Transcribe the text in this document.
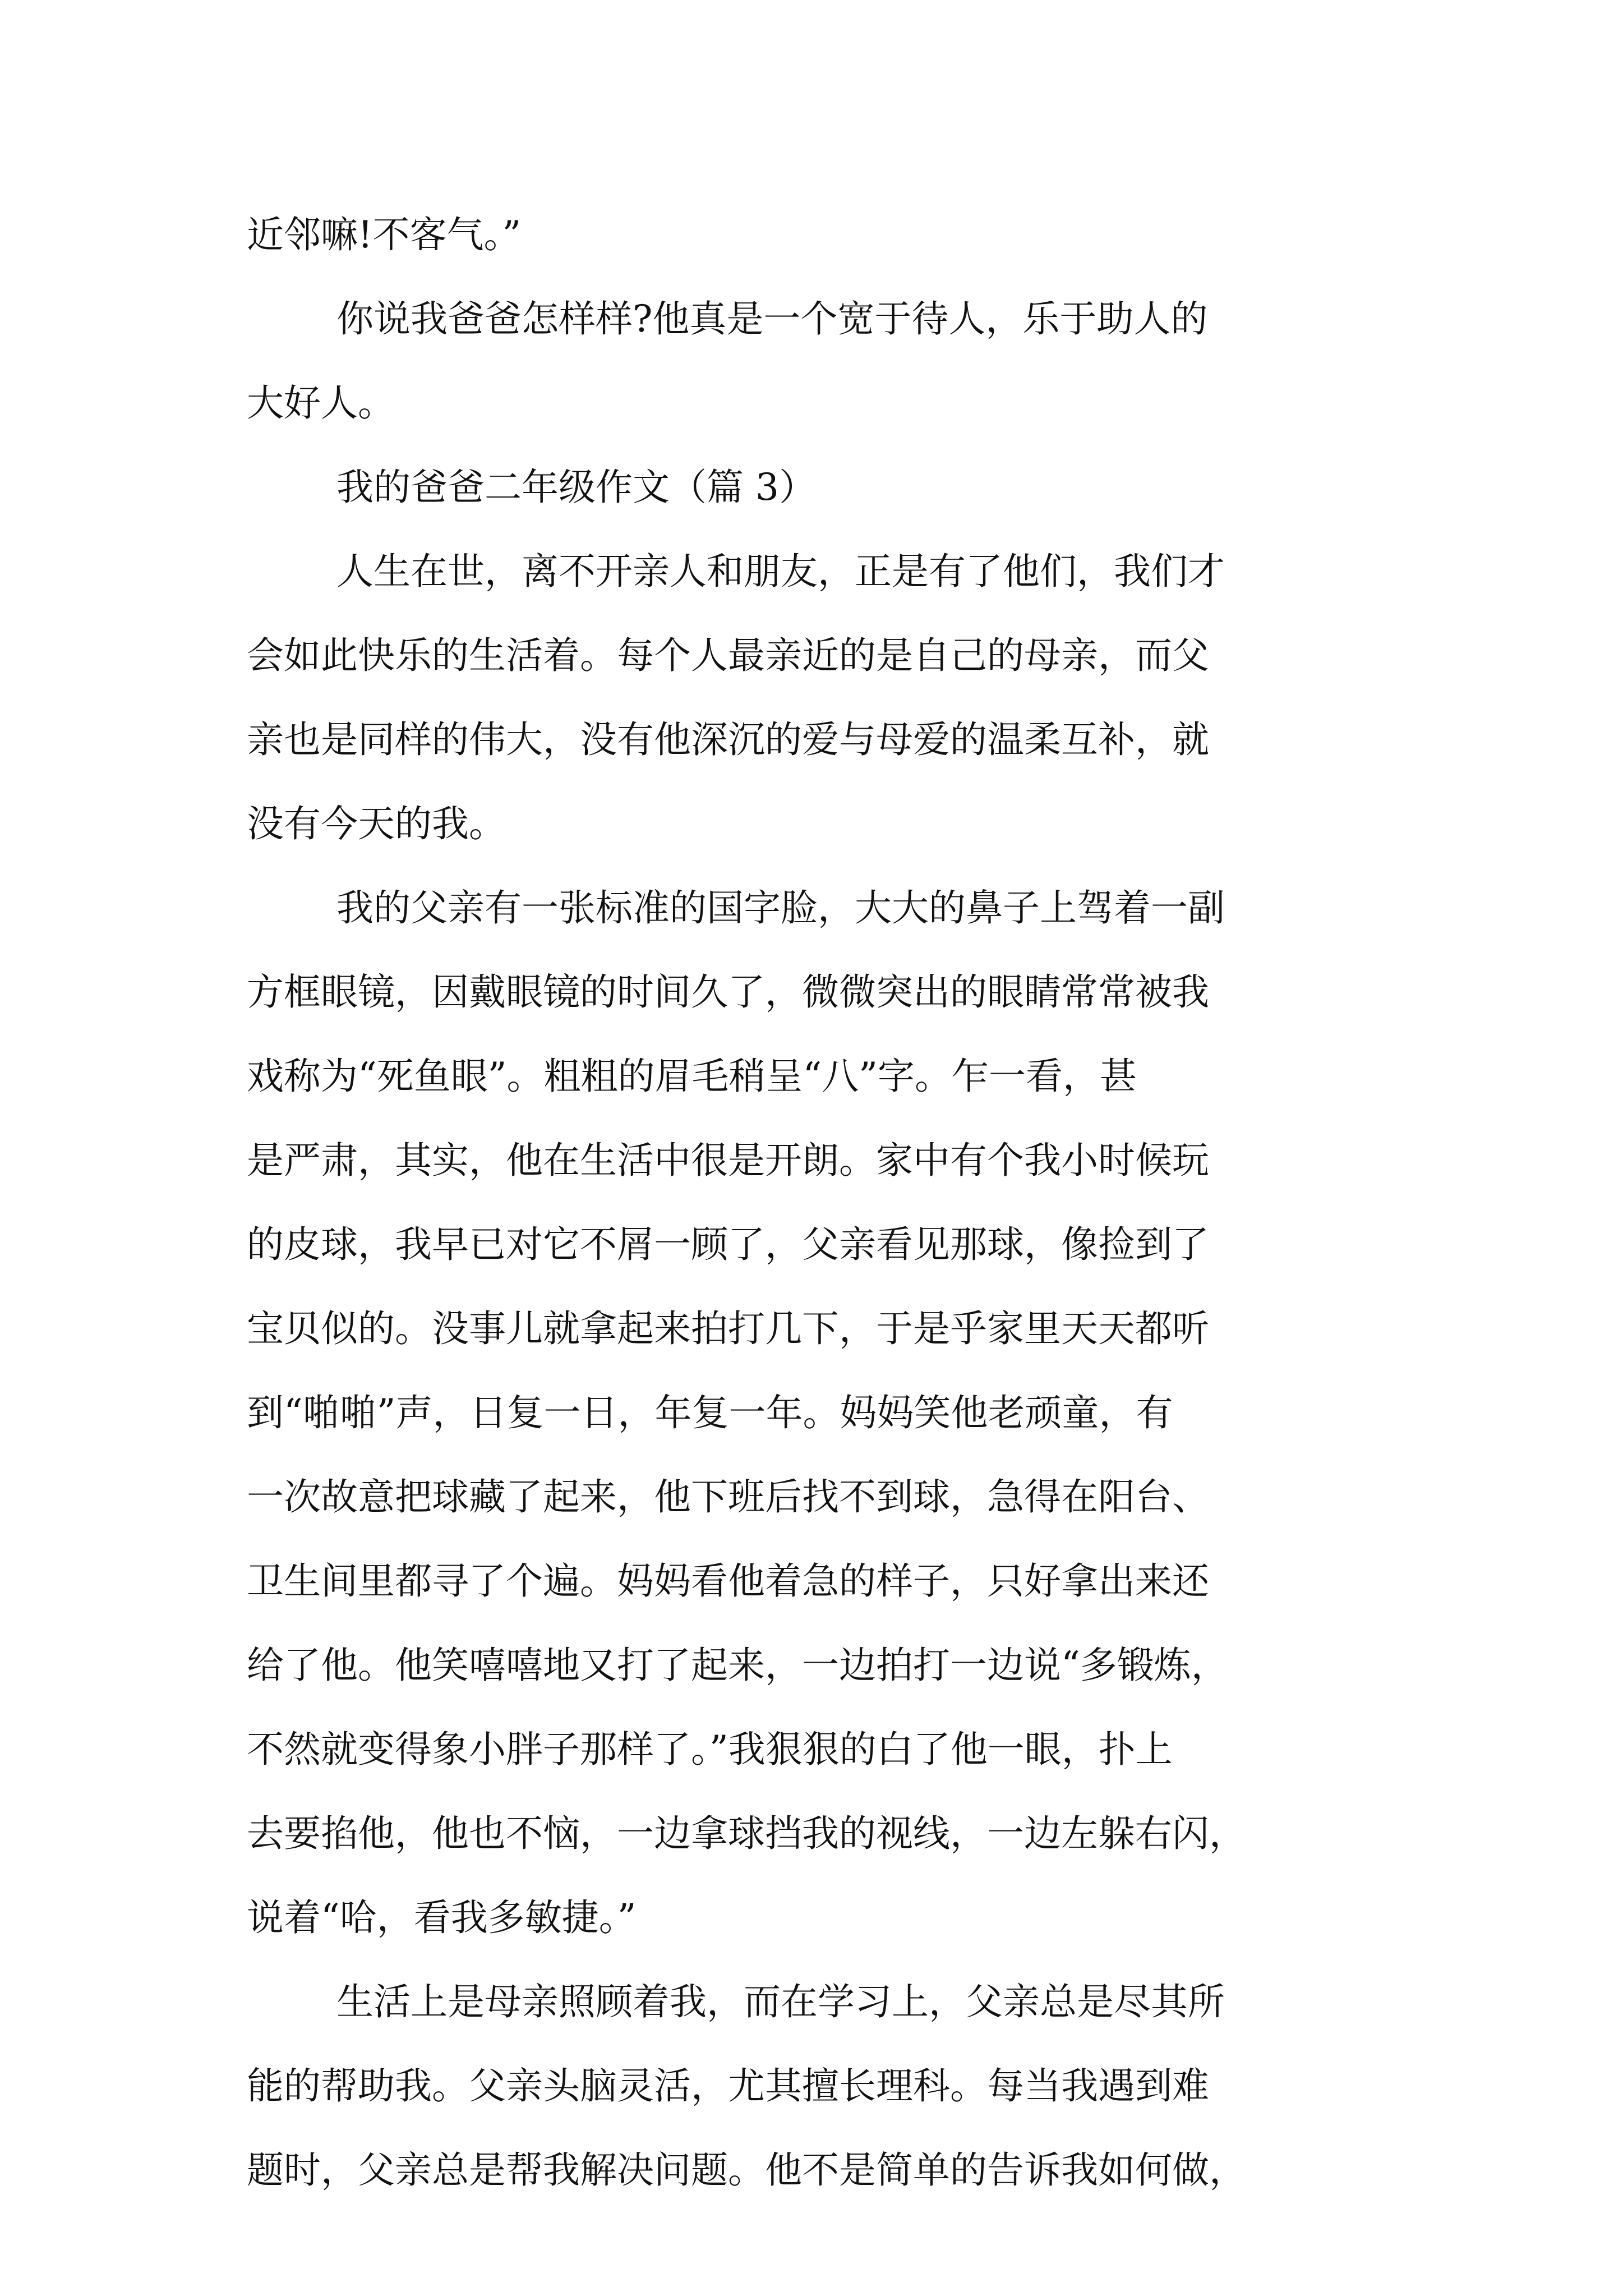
近邻嘛!不客气。”
你说我爸爸怎样样?他真是一个宽于待人，乐于助人的
大好人。
我的爸爸二年级作文（篇 3）
人生在世，离不开亲人和朋友，正是有了他们，我们才
会如此快乐的生活着。每个人最亲近的是自己的母亲，而父
亲也是同样的伟大，没有他深沉的爱与母爱的温柔互补，就
没有今天的我。
我的父亲有一张标准的国字脸，大大的鼻子上驾着一副
方框眼镜，因戴眼镜的时间久了，微微突出的眼睛常常被我
戏称为“死鱼眼”。粗粗的眉毛稍呈“八”字。乍一看，甚
是严肃，其实，他在生活中很是开朗。家中有个我小时候玩
的皮球，我早已对它不屑一顾了，父亲看见那球，像捡到了
宝贝似的。没事儿就拿起来拍打几下，于是乎家里天天都听
到“啪啪”声，日复一日，年复一年。妈妈笑他老顽童，有
一次故意把球藏了起来，他下班后找不到球，急得在阳台、
卫生间里都寻了个遍。妈妈看他着急的样子，只好拿出来还
给了他。他笑嘻嘻地又打了起来，一边拍打一边说“多锻炼，
不然就变得象小胖子那样了。”我狠狠的白了他一眼，扑上
去要掐他，他也不恼，一边拿球挡我的视线，一边左躲右闪，
说着“哈，看我多敏捷。”
生活上是母亲照顾着我，而在学习上，父亲总是尽其所
能的帮助我。父亲头脑灵活，尤其擅长理科。每当我遇到难
题时，父亲总是帮我解决问题。他不是简单的告诉我如何做，
